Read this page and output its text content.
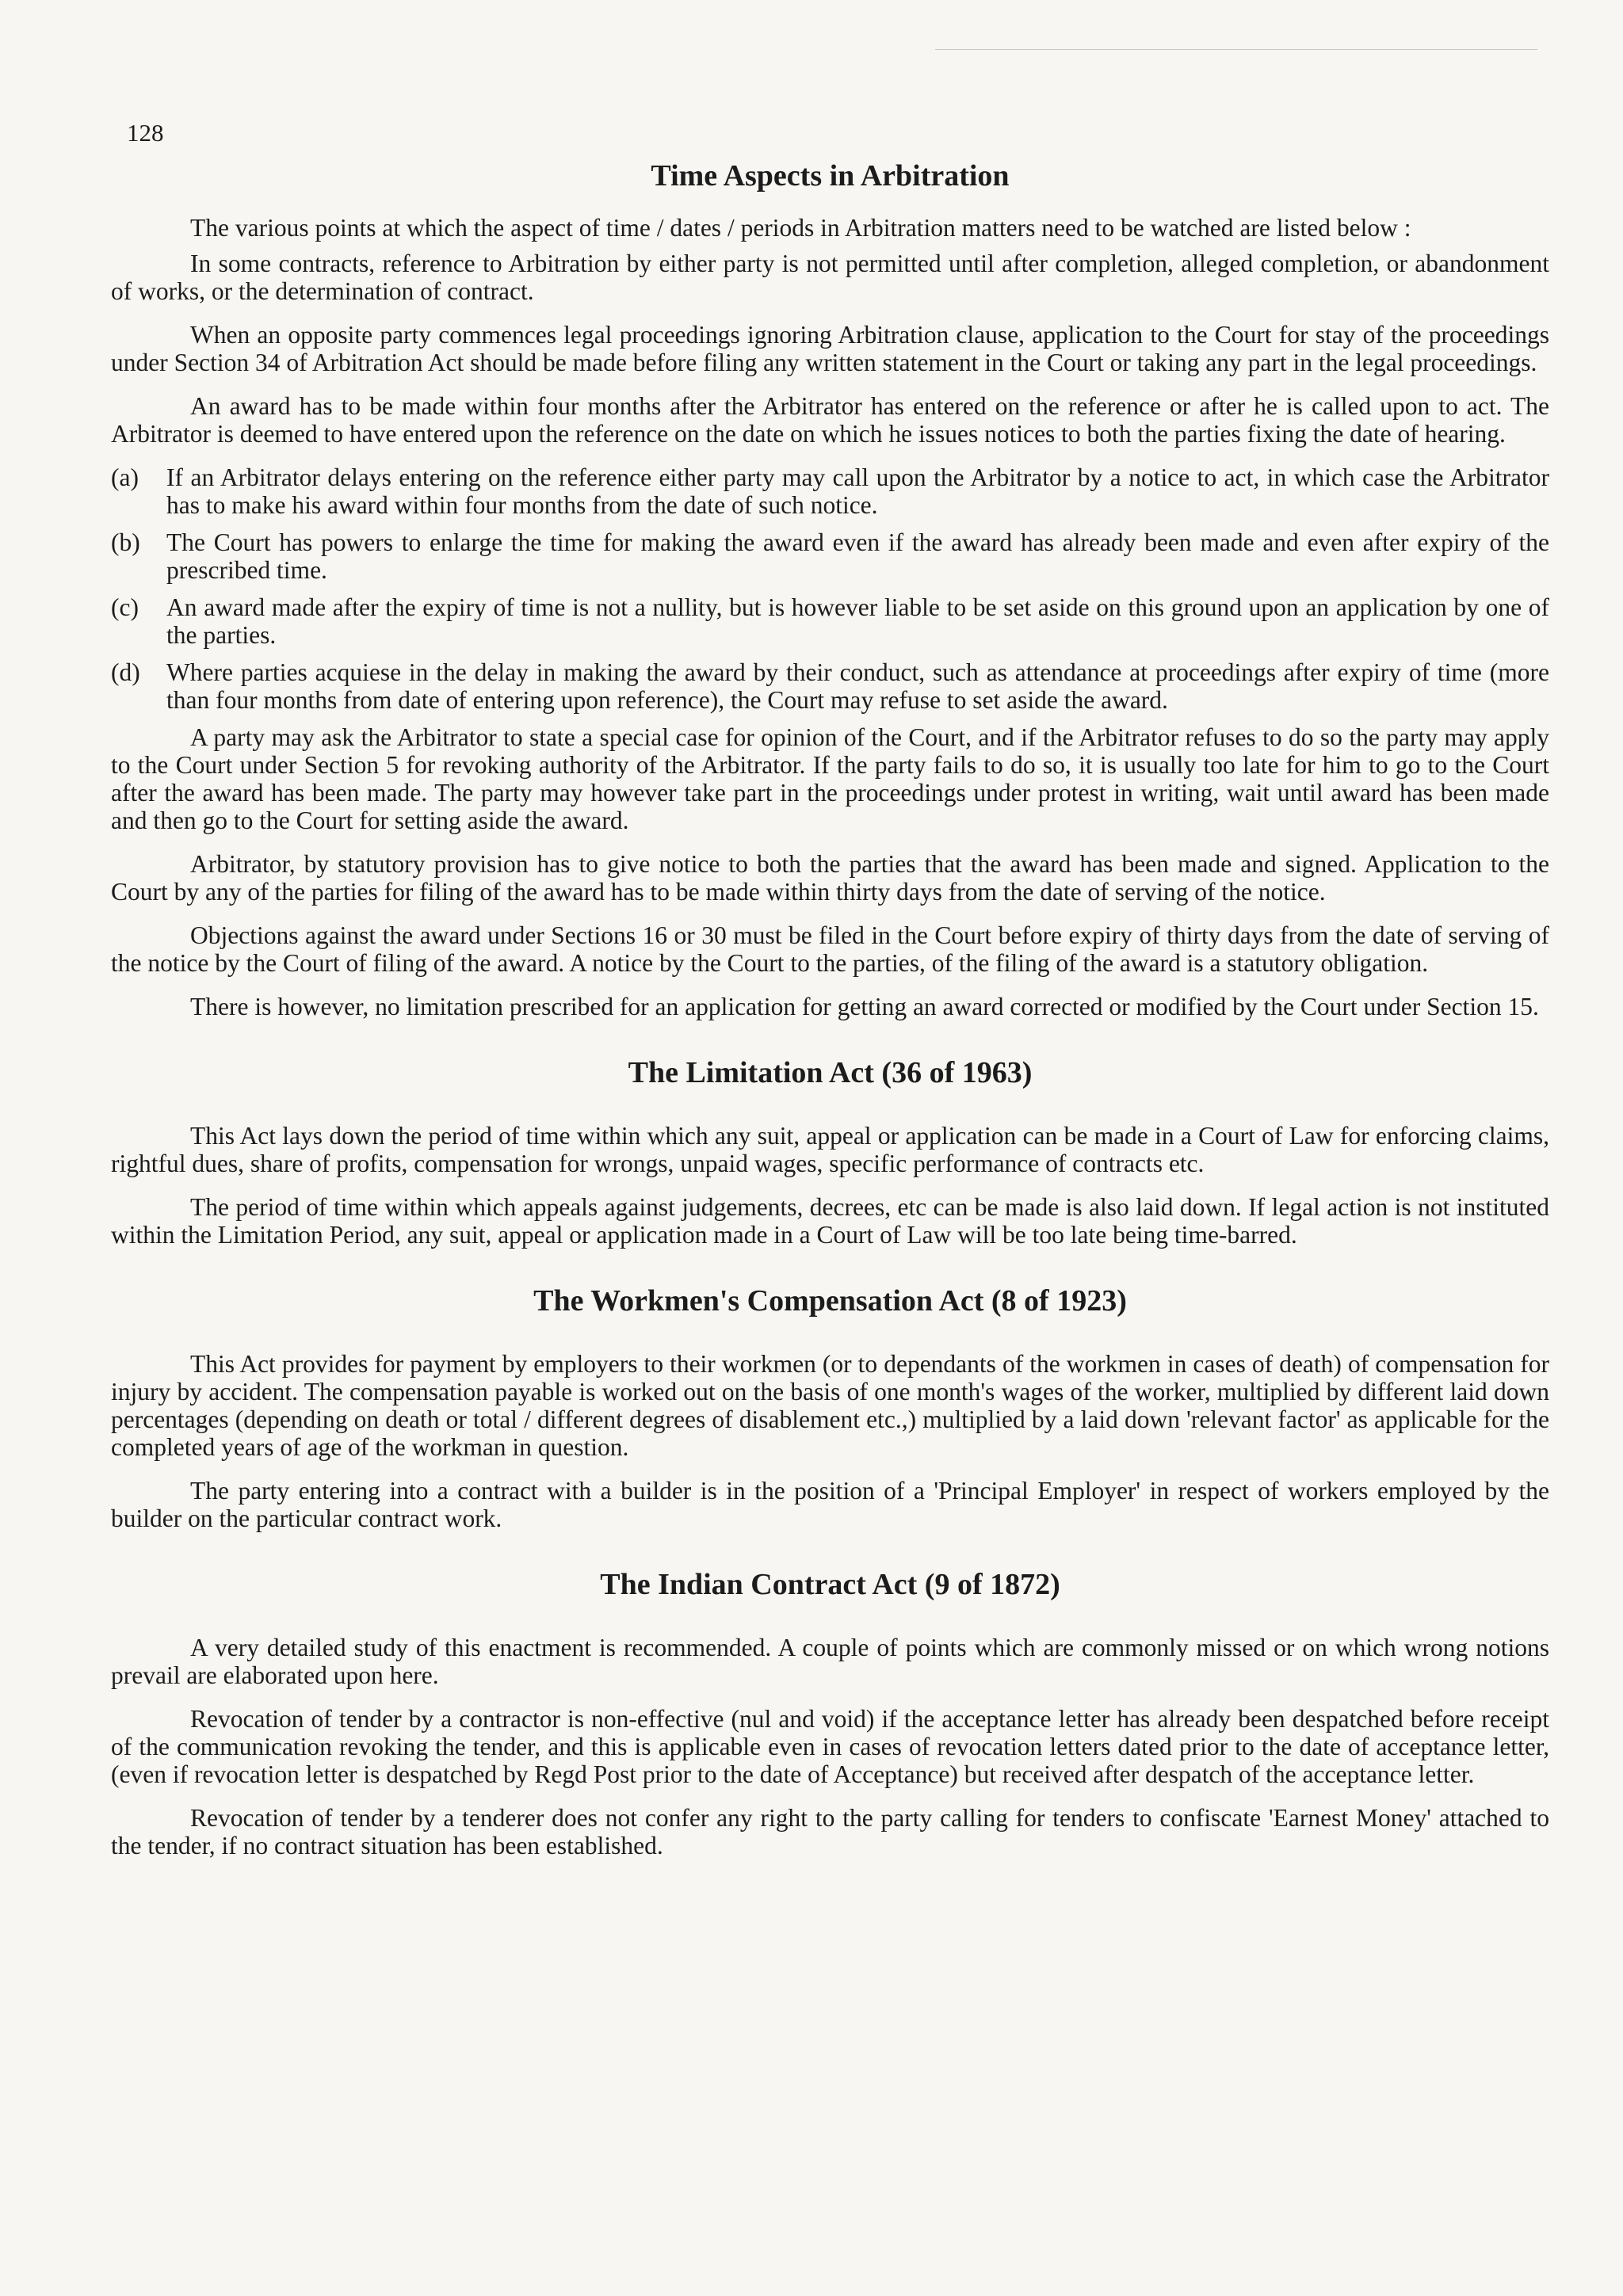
128
Time Aspects in Arbitration

The various points at which the aspect of time / dates / periods in Arbitration matters need to be watched are listed below :

In some contracts, reference to Arbitration by either party is not permitted until after completion, alleged completion, or abandonment of works, or the determination of contract.

When an opposite party commences legal proceedings ignoring Arbitration clause, application to the Court for stay of the proceedings under Section 34 of Arbitration Act should be made before filing any written statement in the Court or taking any part in the legal proceedings.

An award has to be made within four months after the Arbitrator has entered on the reference or after he is called upon to act. The Arbitrator is deemed to have entered upon the reference on the date on which he issues notices to both the parties fixing the date of hearing.

(a)	If an Arbitrator delays entering on the reference either party may call upon the Arbitrator by a notice to act, in which case the Arbitrator has to make his award within four months from the date of such notice.
(b)	The Court has powers to enlarge the time for making the award even if the award has already been made and even after expiry of the prescribed time.
(c)	An award made after the expiry of time is not a nullity, but is however liable to be set aside on this ground upon an application by one of the parties.
(d)	Where parties acquiese in the delay in making the award by their conduct, such as attendance at proceedings after expiry of time (more than four months from date of entering upon reference), the Court may refuse to set aside the award.

A party may ask the Arbitrator to state a special case for opinion of the Court, and if the Arbitrator refuses to do so the party may apply to the Court under Section 5 for revoking authority of the Arbitrator. If the party fails to do so, it is usually too late for him to go to the Court after the award has been made. The party may however take part in the proceedings under protest in writing, wait until award has been made and then go to the Court for setting aside the award.

Arbitrator, by statutory provision has to give notice to both the parties that the award has been made and signed. Application to the Court by any of the parties for filing of the award has to be made within thirty days from the date of serving of the notice.

Objections against the award under Sections 16 or 30 must be filed in the Court before expiry of thirty days from the date of serving of the notice by the Court of filing of the award. A notice by the Court to the parties, of the filing of the award is a statutory obligation.

There is however, no limitation prescribed for an application for getting an award corrected or modified by the Court under Section 15.

The Limitation Act (36 of 1963)

This Act lays down the period of time within which any suit, appeal or application can be made in a Court of Law for enforcing claims, rightful dues, share of profits, compensation for wrongs, unpaid wages, specific performance of contracts etc.

The period of time within which appeals against judgements, decrees, etc can be made is also laid down. If legal action is not instituted within the Limitation Period, any suit, appeal or application made in a Court of Law will be too late being time-barred.

The Workmen's Compensation Act (8 of 1923)

This Act provides for payment by employers to their workmen (or to dependants of the workmen in cases of death) of compensation for injury by accident. The compensation payable is worked out on the basis of one month's wages of the worker, multiplied by different laid down percentages (depending on death or total / different degrees of disablement etc.,) multiplied by a laid down 'relevant factor' as applicable for the completed years of age of the workman in question.

The party entering into a contract with a builder is in the position of a 'Principal Employer' in respect of workers employed by the builder on the particular contract work.

The Indian Contract Act (9 of 1872)

A very detailed study of this enactment is recommended. A couple of points which are commonly missed or on which wrong notions prevail are elaborated upon here.

Revocation of tender by a contractor is non-effective (nul and void) if the acceptance letter has already been despatched before receipt of the communication revoking the tender, and this is applicable even in cases of revocation letters dated prior to the date of acceptance letter, (even if revocation letter is despatched by Regd Post prior to the date of Acceptance) but received after despatch of the acceptance letter.

Revocation of tender by a tenderer does not confer any right to the party calling for tenders to confiscate 'Earnest Money' attached to the tender, if no contract situation has been established.
